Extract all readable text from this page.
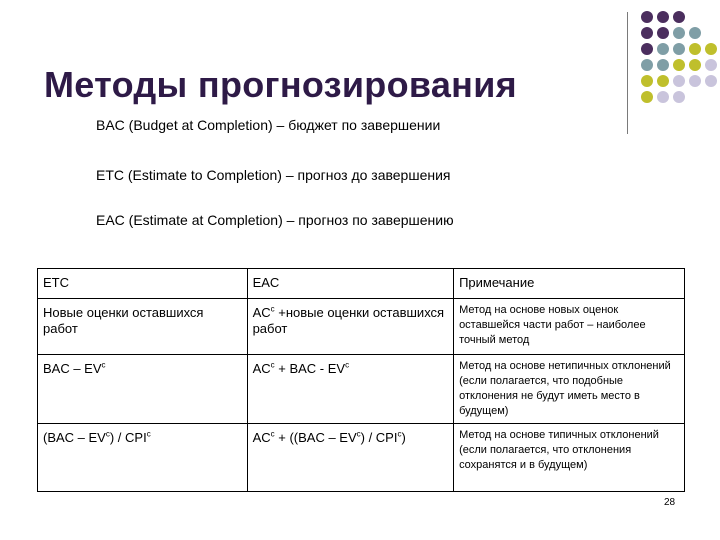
Методы прогнозирования
BAC (Budget at Completion) – бюджет по завершении
ETC (Estimate to Completion) – прогноз до завершения
EAC (Estimate at Completion) – прогноз по завершению
ETC	EAC	Примечание
Новые оценки оставшихся работ	$AC^c$ +новые оценки оставшихся работ	Метод на основе новых оценок оставшейся части работ – наиболее точный метод
BAC – $EV^c$	$AC^c$ + BAC - $EV^c$	Метод на основе нетипичных отклонений (если полагается, что подобные отклонения не будут иметь место в будущем)
$(BAC - EV^c) / CPI^c$	$AC^c + ((BAC - EV^c) / CPI^c)$	Метод на основе типичных отклонений (если полагается, что отклонения сохранятся и в будущем)
28
